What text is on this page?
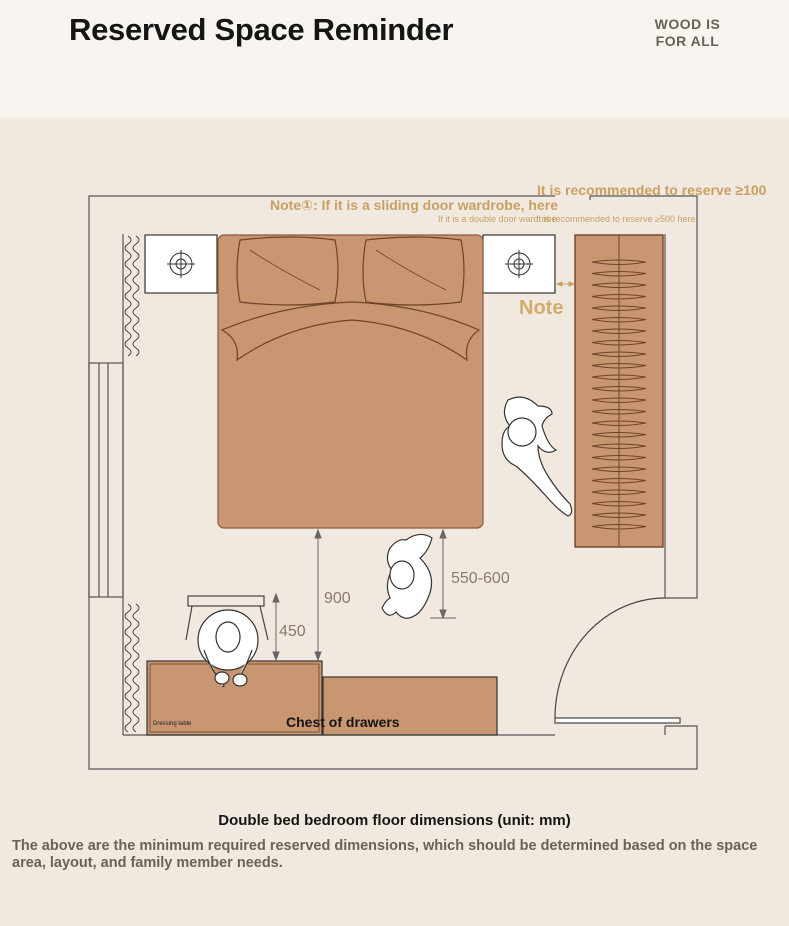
Reserved Space Reminder	WOOD IS
FOR ALL
Note①: If it is a sliding door wardrobe, here
It is recommended to reserve ≥100
If it is a double door wardrobe
It is recommended to reserve ≥500 here
Note
900
450
550-600
Dressing table	Chest of drawers
Double bed bedroom floor dimensions (unit: mm)
The above are the minimum required reserved dimensions, which should be determined based on the space area, layout, and family member needs.
